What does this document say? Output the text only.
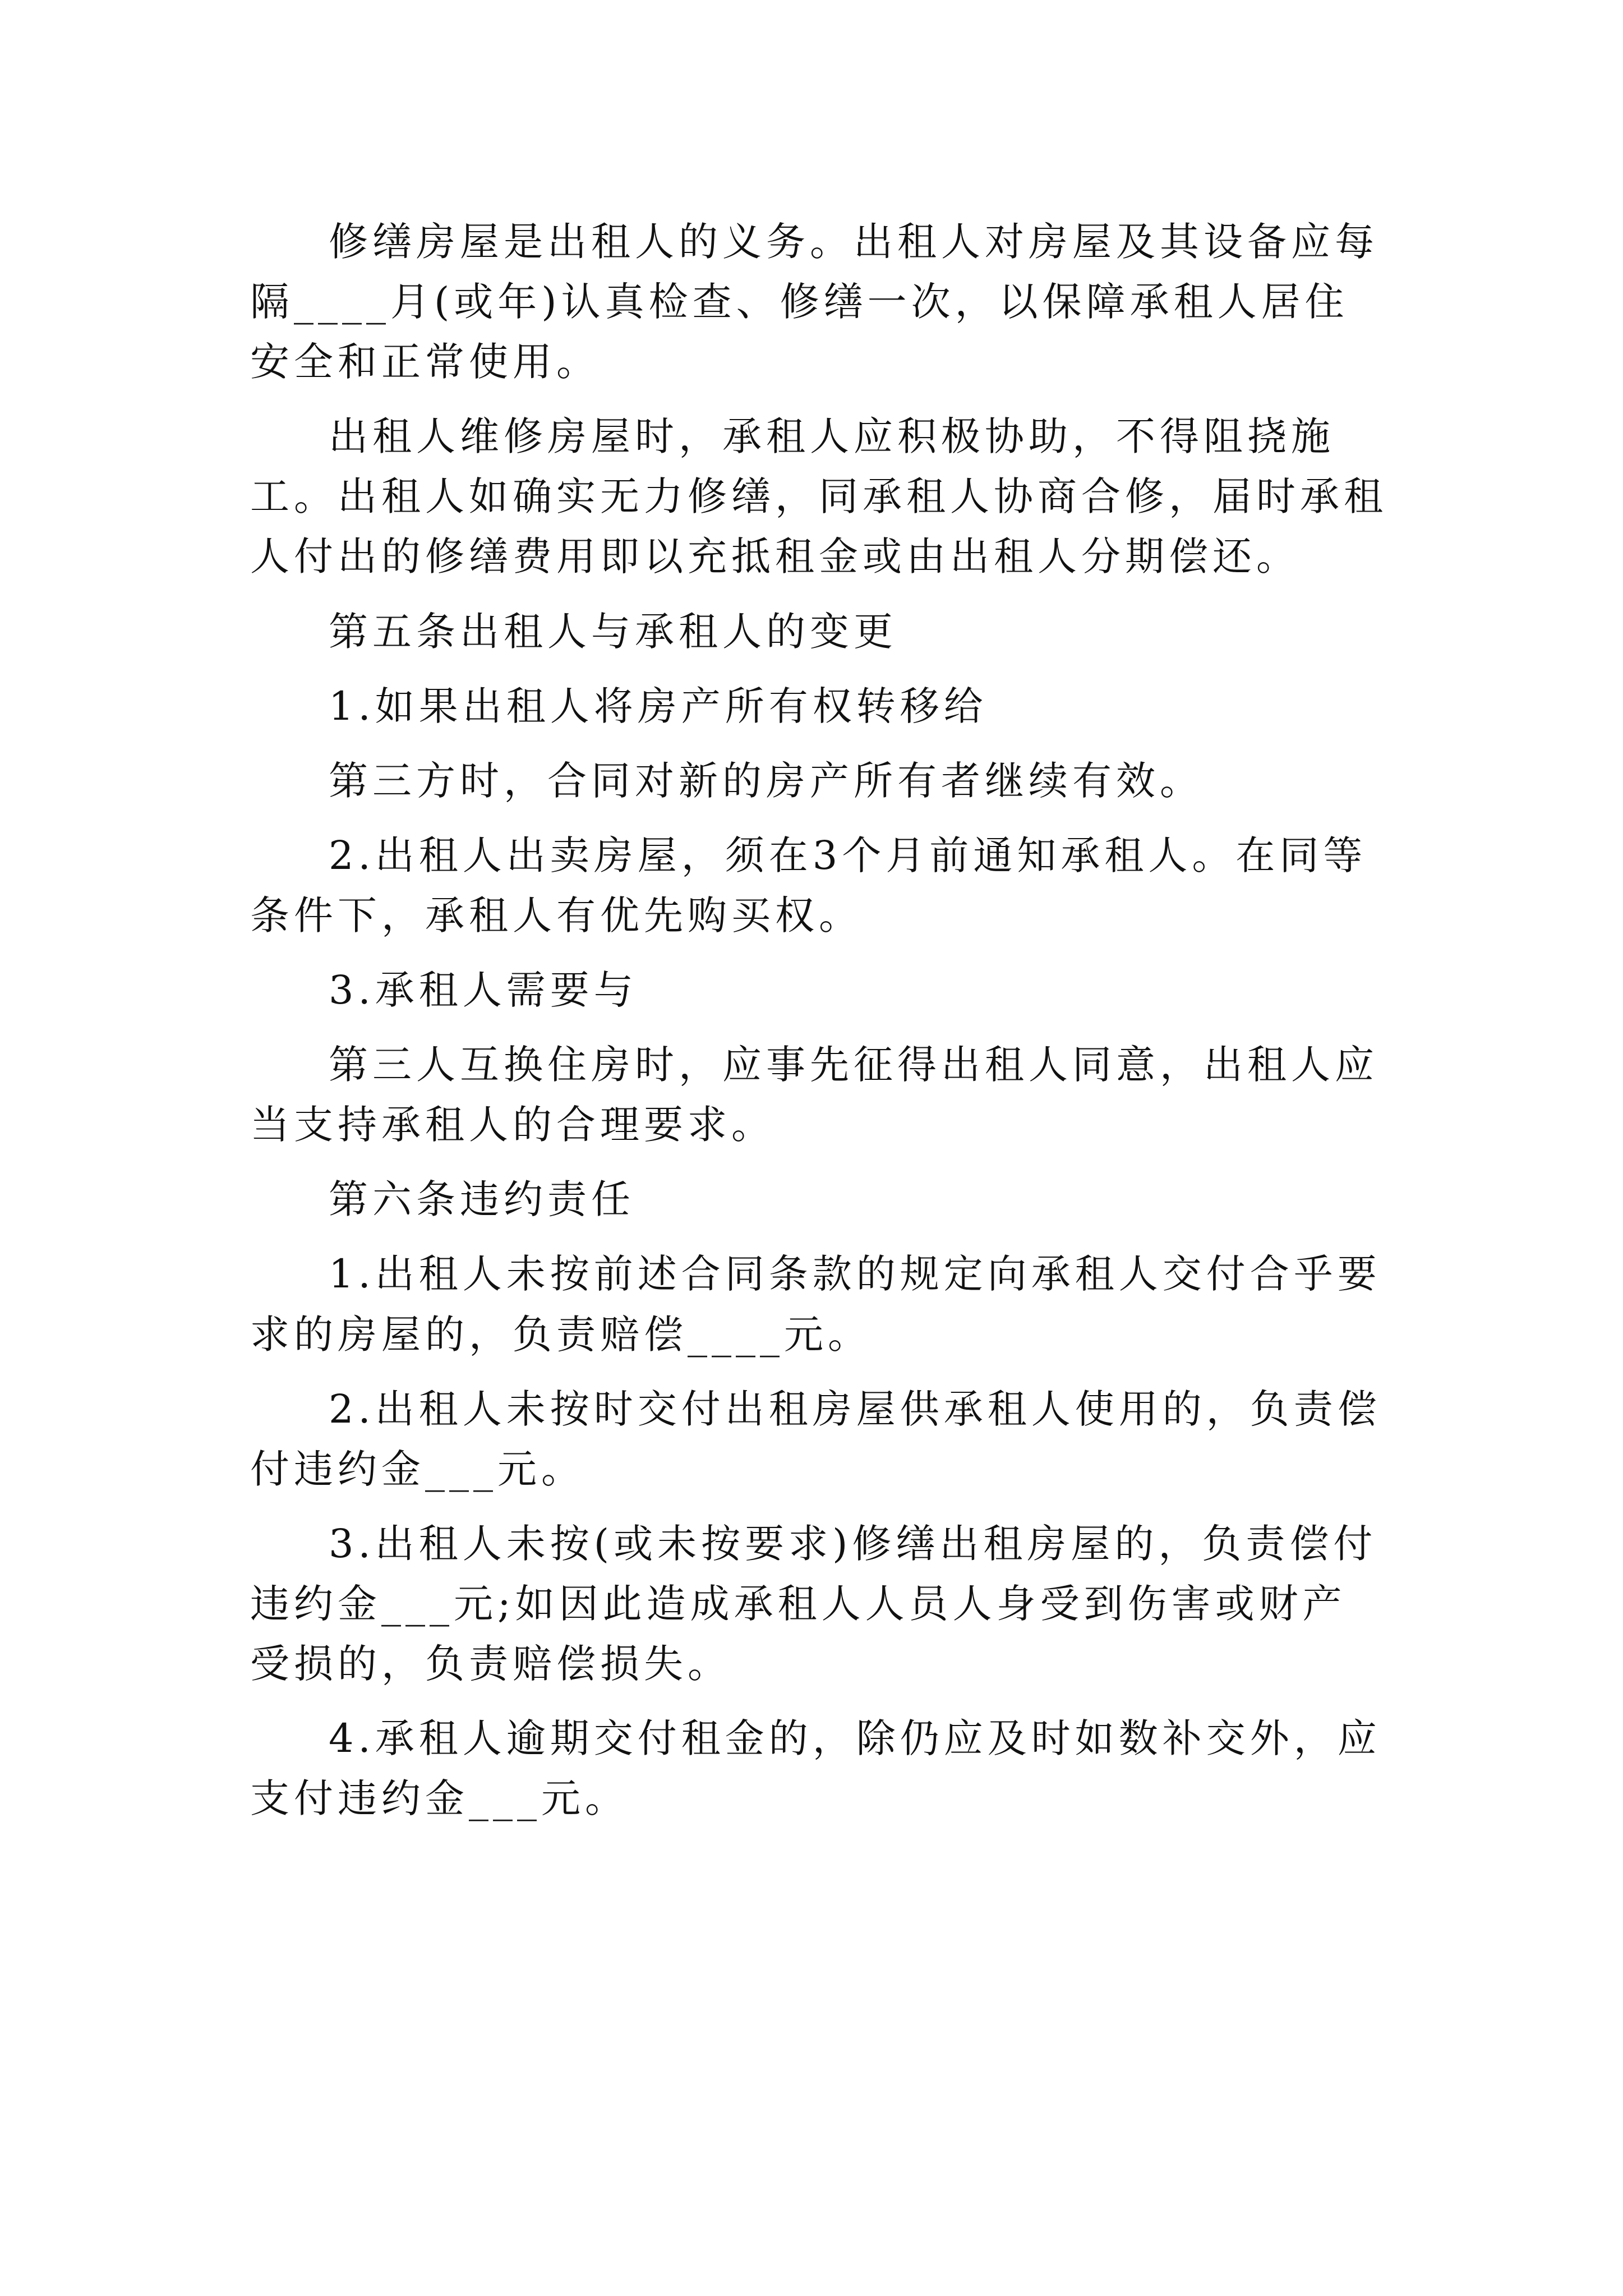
修缮房屋是出租人的义务。出租人对房屋及其设备应每隔____月(或年)认真检查、修缮一次，以保障承租人居住安全和正常使用。

出租人维修房屋时，承租人应积极协助，不得阻挠施工。出租人如确实无力修缮，同承租人协商合修，届时承租人付出的修缮费用即以充抵租金或由出租人分期偿还。

第五条出租人与承租人的变更

1.如果出租人将房产所有权转移给

第三方时，合同对新的房产所有者继续有效。

2.出租人出卖房屋，须在3个月前通知承租人。在同等条件下，承租人有优先购买权。

3.承租人需要与

第三人互换住房时，应事先征得出租人同意，出租人应当支持承租人的合理要求。

第六条违约责任

1.出租人未按前述合同条款的规定向承租人交付合乎要求的房屋的，负责赔偿____元。

2.出租人未按时交付出租房屋供承租人使用的，负责偿付违约金___元。

3.出租人未按(或未按要求)修缮出租房屋的，负责偿付违约金___元;如因此造成承租人人员人身受到伤害或财产受损的，负责赔偿损失。

4.承租人逾期交付租金的，除仍应及时如数补交外，应支付违约金___元。
